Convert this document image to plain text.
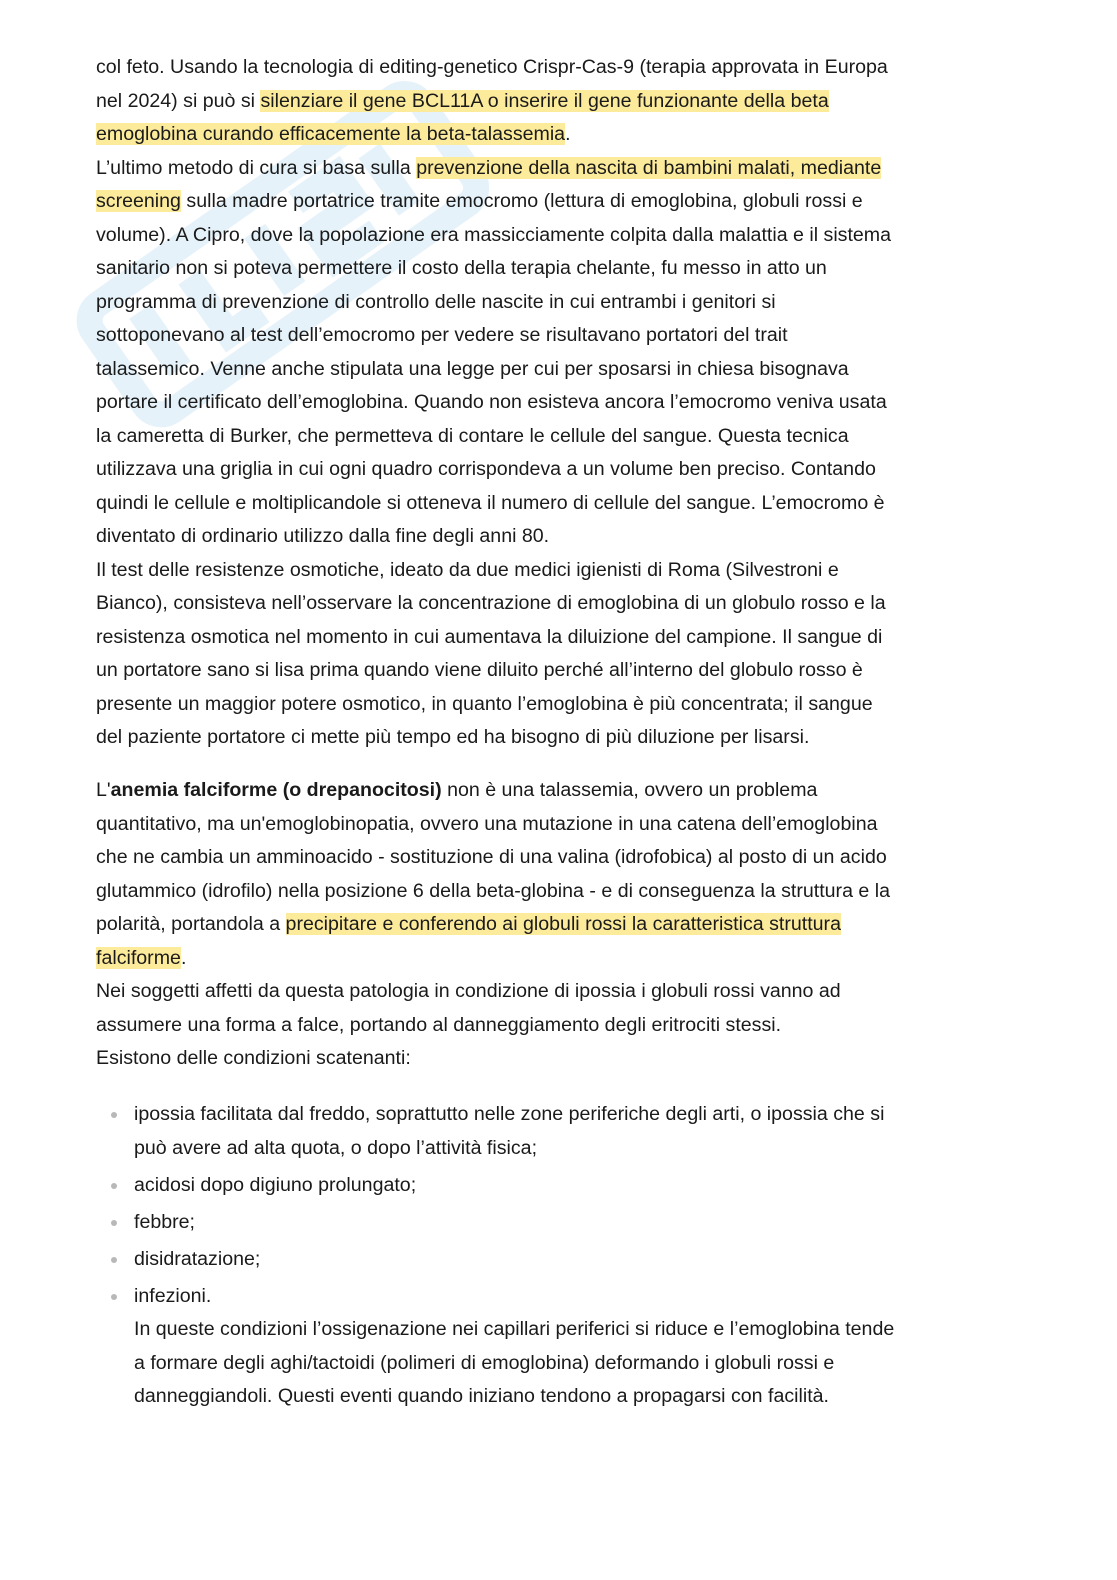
col feto. Usando la tecnologia di editing-genetico Crispr-Cas-9 (terapia approvata in Europa
nel 2024) si può si silenziare il gene BCL11A o inserire il gene funzionante della beta
emoglobina curando efficacemente la beta-talassemia.
L’ultimo metodo di cura si basa sulla prevenzione della nascita di bambini malati, mediante
screening sulla madre portatrice tramite emocromo (lettura di emoglobina, globuli rossi e
volume). A Cipro, dove la popolazione era massicciamente colpita dalla malattia e il sistema
sanitario non si poteva permettere il costo della terapia chelante, fu messo in atto un
programma di prevenzione di controllo delle nascite in cui entrambi i genitori si
sottoponevano al test dell’emocromo per vedere se risultavano portatori del trait
talassemico. Venne anche stipulata una legge per cui per sposarsi in chiesa bisognava
portare il certificato dell’emoglobina. Quando non esisteva ancora l’emocromo veniva usata
la cameretta di Burker, che permetteva di contare le cellule del sangue. Questa tecnica
utilizzava una griglia in cui ogni quadro corrispondeva a un volume ben preciso. Contando
quindi le cellule e moltiplicandole si otteneva il numero di cellule del sangue. L’emocromo è
diventato di ordinario utilizzo dalla fine degli anni 80.
Il test delle resistenze osmotiche, ideato da due medici igienisti di Roma (Silvestroni e
Bianco), consisteva nell’osservare la concentrazione di emoglobina di un globulo rosso e la
resistenza osmotica nel momento in cui aumentava la diluizione del campione. Il sangue di
un portatore sano si lisa prima quando viene diluito perché all’interno del globulo rosso è
presente un maggior potere osmotico, in quanto l’emoglobina è più concentrata; il sangue
del paziente portatore ci mette più tempo ed ha bisogno di più diluzione per lisarsi.
L'anemia falciforme (o drepanocitosi) non è una talassemia, ovvero un problema
quantitativo, ma un'emoglobinopatia, ovvero una mutazione in una catena dell’emoglobina
che ne cambia un amminoacido - sostituzione di una valina (idrofobica) al posto di un acido
glutammico (idrofilo) nella posizione 6 della beta-globina - e di conseguenza la struttura e la
polarità, portandola a precipitare e conferendo ai globuli rossi la caratteristica struttura
falciforme.
Nei soggetti affetti da questa patologia in condizione di ipossia i globuli rossi vanno ad
assumere una forma a falce, portando al danneggiamento degli eritrociti stessi.
Esistono delle condizioni scatenanti:
ipossia facilitata dal freddo, soprattutto nelle zone periferiche degli arti, o ipossia che si
può avere ad alta quota, o dopo l’attività fisica;
acidosi dopo digiuno prolungato;
febbre;
disidratazione;
infezioni.
In queste condizioni l’ossigenazione nei capillari periferici si riduce e l’emoglobina tende
a formare degli aghi/tactoidi (polimeri di emoglobina) deformando i globuli rossi e
danneggiandoli. Questi eventi quando iniziano tendono a propagarsi con facilità.
